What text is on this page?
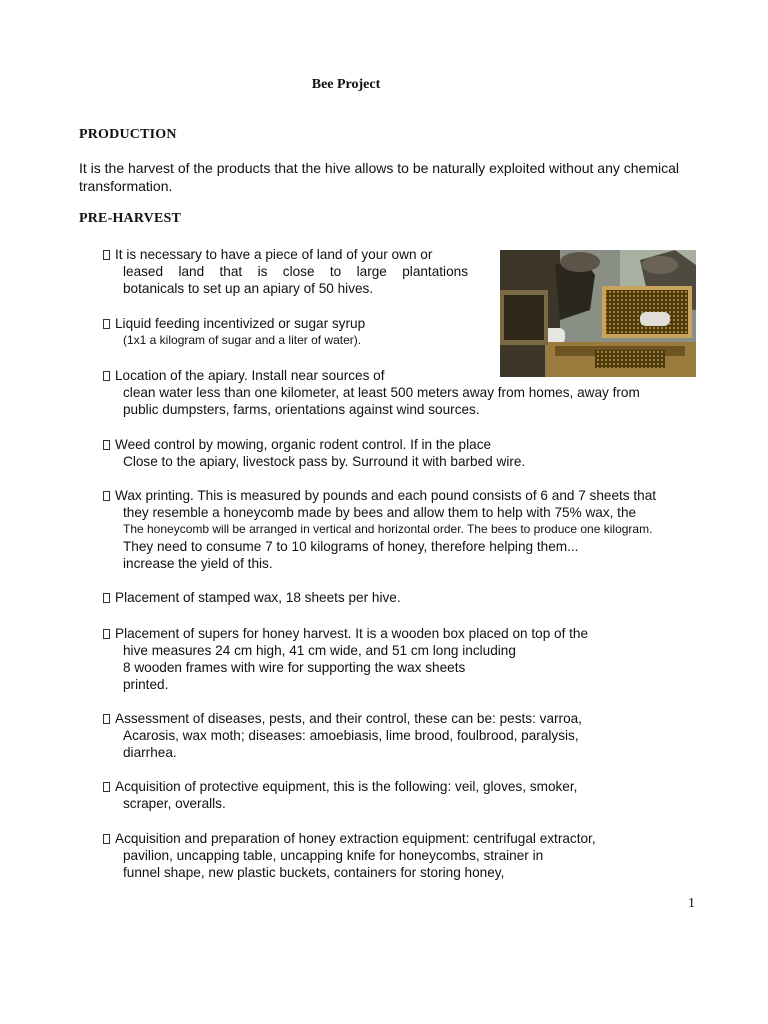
Bee Project
PRODUCTION
It is the harvest of the products that the hive allows to be naturally exploited without any chemical transformation.
PRE-HARVEST
It is necessary to have a piece of land of your own or
leased land that is close to large plantations
botanicals to set up an apiary of 50 hives.
Liquid feeding incentivized or sugar syrup
(1x1 a kilogram of sugar and a liter of water).
Location of the apiary. Install near sources of
clean water less than one kilometer, at least 500 meters away from homes, away from
public dumpsters, farms, orientations against wind sources.
Weed control by mowing, organic rodent control. If in the place
Close to the apiary, livestock pass by. Surround it with barbed wire.
Wax printing. This is measured by pounds and each pound consists of 6 and 7 sheets that
they resemble a honeycomb made by bees and allow them to help with 75% wax, the
The honeycomb will be arranged in vertical and horizontal order. The bees to produce one kilogram.
They need to consume 7 to 10 kilograms of honey, therefore helping them...
increase the yield of this.
Placement of stamped wax, 18 sheets per hive.
Placement of supers for honey harvest. It is a wooden box placed on top of the
hive measures 24 cm high, 41 cm wide, and 51 cm long including
8 wooden frames with wire for supporting the wax sheets
printed.
Assessment of diseases, pests, and their control, these can be: pests: varroa,
Acarosis, wax moth; diseases: amoebiasis, lime brood, foulbrood, paralysis,
diarrhea.
Acquisition of protective equipment, this is the following: veil, gloves, smoker,
scraper, overalls.
Acquisition and preparation of honey extraction equipment: centrifugal extractor,
pavilion, uncapping table, uncapping knife for honeycombs, strainer in
funnel shape, new plastic buckets, containers for storing honey,
1
